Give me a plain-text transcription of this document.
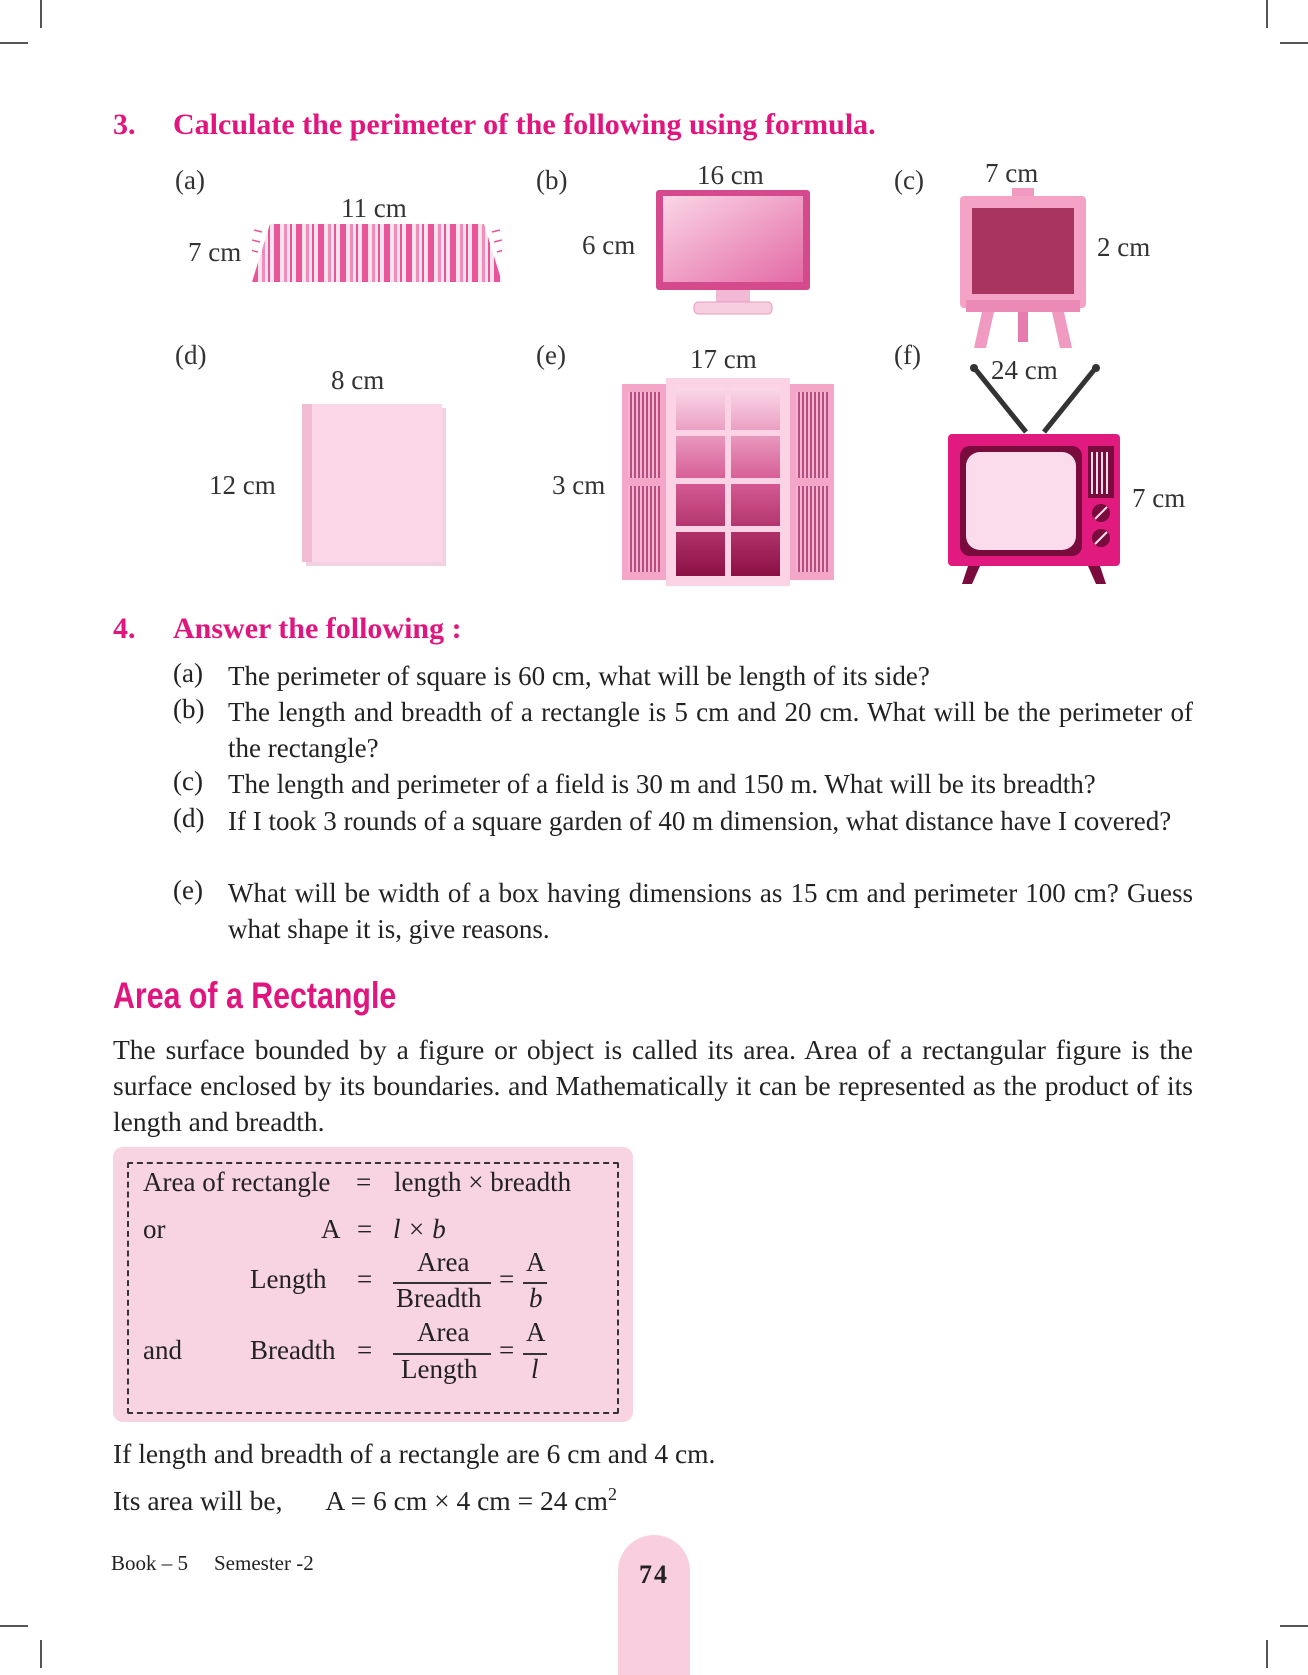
3. Calculate the perimeter of the following using formula.
(a)
11 cm
7 cm
(b)	16 cm
6 cm
(c) 7 cm
2 cm
(d)
8 cm
12 cm
(e)	17 cm
3 cm
(f)	24 cm
7 cm
4. Answer the following :
(a) The perimeter of square is 60 cm, what will be length of its side?
(b) The length and breadth of a rectangle is 5 cm and 20 cm. What will be the perimeter of the rectangle?
(c) The length and perimeter of a field is 30 m and 150 m. What will be its breadth?
(d) If I took 3 rounds of a square garden of 40 m dimension, what distance have I covered?
(e) What will be width of a box having dimensions as 15 cm and perimeter 100 cm? Guess what shape it is, give reasons.
Area of a Rectangle
The surface bounded by a figure or object is called its area. Area of a rectangular figure is the surface enclosed by its boundaries. and Mathematically it can be represented as the product of its length and breadth.
Area of rectangle = length × breadth
or	A = l × b
Length =
Area
Breadth
=
A
b
and	Breadth =
Area
Length
=
A
l
If length and breadth of a rectangle are 6 cm and 4 cm.
Its area will be, A = 6 cm × 4 cm = 24 $cm^2$
Book – 5 Semester -2	74
